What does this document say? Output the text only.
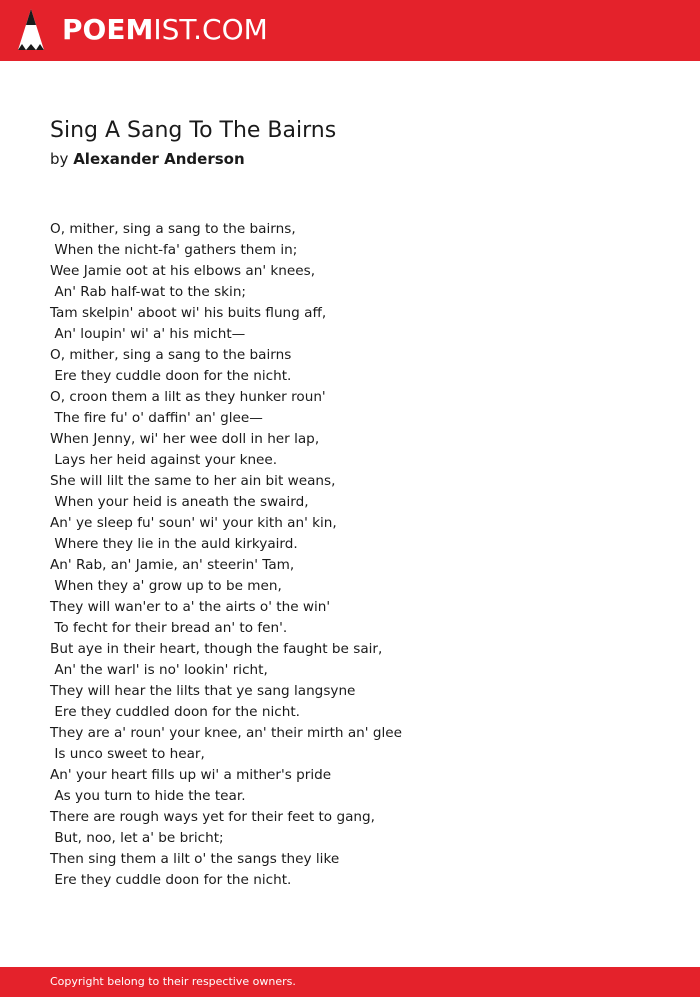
POEMIST.COM
Sing A Sang To The Bairns
by Alexander Anderson
O, mither, sing a sang to the bairns,
When the nicht-fa' gathers them in;
Wee Jamie oot at his elbows an' knees,
An' Rab half-wat to the skin;
Tam skelpin' aboot wi' his buits flung aff,
An' loupin' wi' a' his micht—
O, mither, sing a sang to the bairns
Ere they cuddle doon for the nicht.
O, croon them a lilt as they hunker roun'
The fire fu' o' daffin' an' glee—
When Jenny, wi' her wee doll in her lap,
Lays her heid against your knee.
She will lilt the same to her ain bit weans,
When your heid is aneath the swaird,
An' ye sleep fu' soun' wi' your kith an' kin,
Where they lie in the auld kirkyaird.
An' Rab, an' Jamie, an' steerin' Tam,
When they a' grow up to be men,
They will wan'er to a' the airts o' the win'
To fecht for their bread an' to fen'.
But aye in their heart, though the faught be sair,
An' the warl' is no' lookin' richt,
They will hear the lilts that ye sang langsyne
Ere they cuddled doon for the nicht.
They are a' roun' your knee, an' their mirth an' glee
Is unco sweet to hear,
An' your heart fills up wi' a mither's pride
As you turn to hide the tear.
There are rough ways yet for their feet to gang,
But, noo, let a' be bricht;
Then sing them a lilt o' the sangs they like
Ere they cuddle doon for the nicht.
Copyright belong to their respective owners.
